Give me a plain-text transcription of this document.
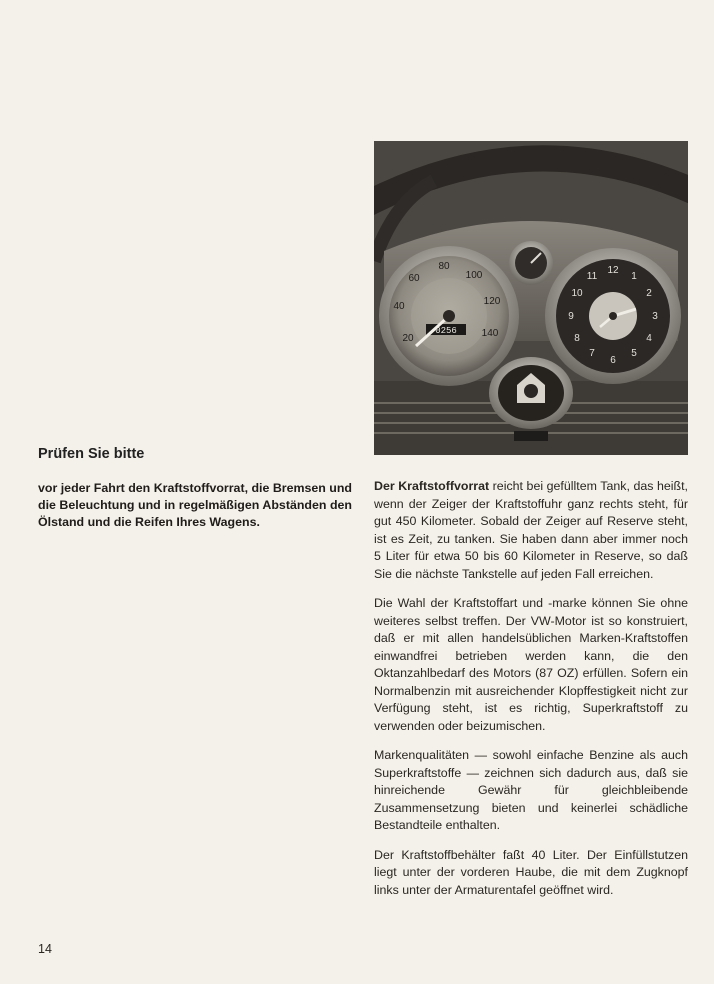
20
40
60
80
100
120
140
0256
12
1
2
3
4
5
6
7
8
9
10
11
Prüfen Sie bitte
vor jeder Fahrt den Kraftstoffvorrat, die Bremsen und die Beleuchtung und in regelmäßigen Abständen den Ölstand und die Reifen Ihres Wagens.

Der Kraftstoffvorrat reicht bei gefülltem Tank, das heißt, wenn der Zeiger der Kraftstoffuhr ganz rechts steht, für gut 450 Kilometer. Sobald der Zeiger auf Reserve steht, ist es Zeit, zu tanken. Sie haben dann aber immer noch 5 Liter für etwa 50 bis 60 Kilometer in Reserve, so daß Sie die nächste Tankstelle auf jeden Fall erreichen.

Die Wahl der Kraftstoffart und -marke können Sie ohne weiteres selbst treffen. Der VW-Motor ist so konstruiert, daß er mit allen handelsüblichen Marken-Kraftstoffen einwandfrei betrieben werden kann, die den Oktanzahlbedarf des Motors (87 OZ) erfüllen. Sofern ein Normalbenzin mit ausreichender Klopffestigkeit nicht zur Verfügung steht, ist es richtig, Superkraftstoff zu verwenden oder beizumischen.

Markenqualitäten — sowohl einfache Benzine als auch Superkraftstoffe — zeichnen sich dadurch aus, daß sie hinreichende Gewähr für gleichbleibende Zusammensetzung bieten und keinerlei schädliche Bestandteile enthalten.

Der Kraftstoffbehälter faßt 40 Liter. Der Einfüllstutzen liegt unter der vorderen Haube, die mit dem Zugknopf links unter der Armaturentafel geöffnet wird.

14
